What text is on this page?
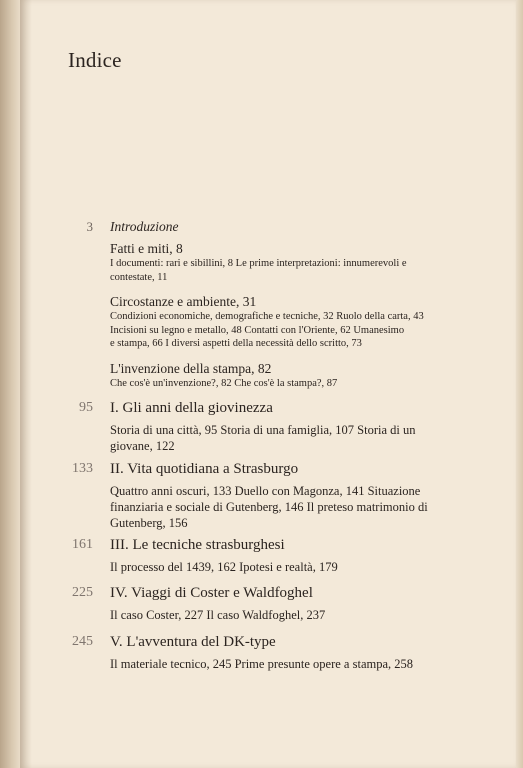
Indice
3 Introduzione
Fatti e miti, 8
I documenti: rari e sibillini, 8 Le prime interpretazioni: innumerevoli e
contestate, 11
Circostanze e ambiente, 31
Condizioni economiche, demografiche e tecniche, 32 Ruolo della carta, 43
Incisioni su legno e metallo, 48 Contatti con l'Oriente, 62 Umanesimo
e stampa, 66 I diversi aspetti della necessità dello scritto, 73
L'invenzione della stampa, 82
Che cos'è un'invenzione?, 82 Che cos'è la stampa?, 87
95 I. Gli anni della giovinezza
Storia di una città, 95 Storia di una famiglia, 107 Storia di un
giovane, 122
133 II. Vita quotidiana a Strasburgo
Quattro anni oscuri, 133 Duello con Magonza, 141 Situazione
finanziaria e sociale di Gutenberg, 146 Il preteso matrimonio di
Gutenberg, 156
161 III. Le tecniche strasburghesi
Il processo del 1439, 162 Ipotesi e realtà, 179
225 IV. Viaggi di Coster e Waldfoghel
Il caso Coster, 227 Il caso Waldfoghel, 237
245 V. L'avventura del DK-type
Il materiale tecnico, 245 Prime presunte opere a stampa, 258
